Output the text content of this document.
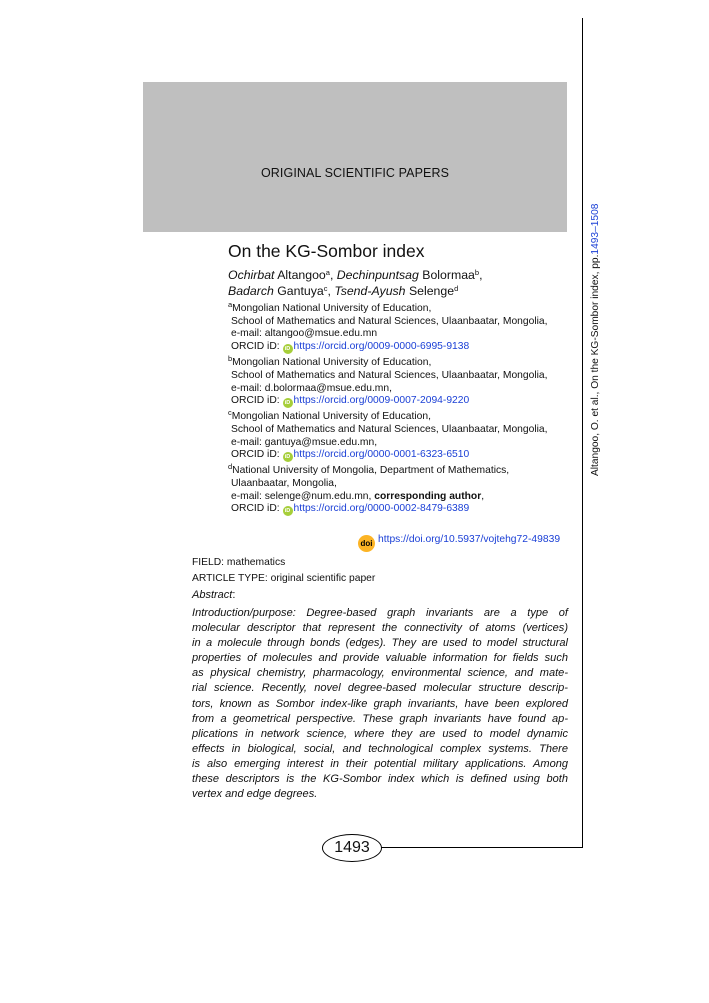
ORIGINAL SCIENTIFIC PAPERS
Altangoo, O. et al., On the KG-Sombor index, pp.1493–1508
On the KG-Sombor index
Ochirbat Altangoo$^a$, Dechinpuntsag Bolormaa$^b$,
Badarch Gantuya$^c$, Tsend-Ayush Selenge$^d$
$^a$Mongolian National University of Education,
School of Mathematics and Natural Sciences, Ulaanbaatar, Mongolia,
e-mail: altangoo@msue.edu.mn
ORCID iD: iD https://orcid.org/0009-0000-6995-9138
$^b$Mongolian National University of Education,
School of Mathematics and Natural Sciences, Ulaanbaatar, Mongolia,
e-mail: d.bolormaa@msue.edu.mn,
ORCID iD: iD https://orcid.org/0009-0007-2094-9220
$^c$Mongolian National University of Education,
School of Mathematics and Natural Sciences, Ulaanbaatar, Mongolia,
e-mail: gantuya@msue.edu.mn,
ORCID iD: iD https://orcid.org/0000-0001-6323-6510
$^d$National University of Mongolia, Department of Mathematics,
Ulaanbaatar, Mongolia,
e-mail: selenge@num.edu.mn, corresponding author,
ORCID iD: iD https://orcid.org/0000-0002-8479-6389
doi https://doi.org/10.5937/vojtehg72-49839
FIELD: mathematics
ARTICLE TYPE: original scientific paper
Abstract:
Introduction/purpose: Degree-based graph invariants are a type of
molecular descriptor that represent the connectivity of atoms (vertices)
in a molecule through bonds (edges). They are used to model structural
properties of molecules and provide valuable information for fields such
as physical chemistry, pharmacology, environmental science, and mate-
rial science. Recently, novel degree-based molecular structure descrip-
tors, known as Sombor index-like graph invariants, have been explored
from a geometrical perspective. These graph invariants have found ap-
plications in network science, where they are used to model dynamic
effects in biological, social, and technological complex systems. There
is also emerging interest in their potential military applications. Among
these descriptors is the KG-Sombor index which is defined using both
vertex and edge degrees.
1493
